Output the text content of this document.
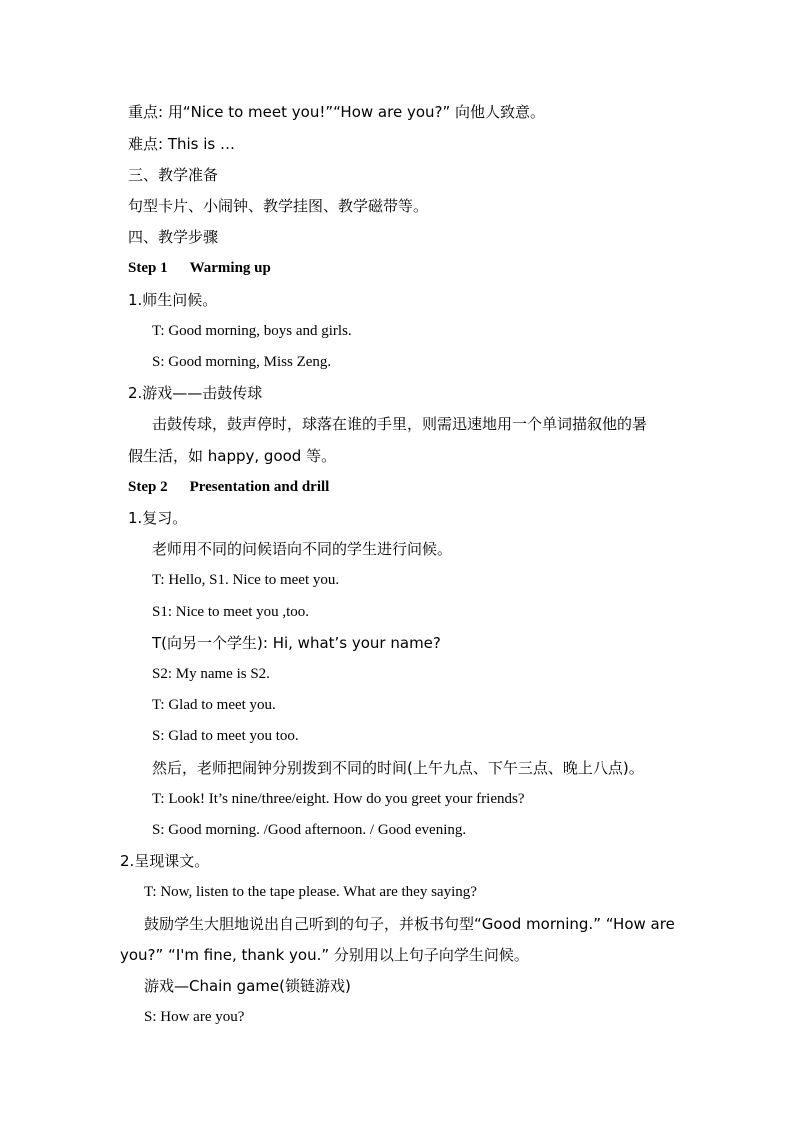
重点: 用“Nice to meet you!”“How are you?” 向他人致意。
难点: This is …
三、教学准备
句型卡片、小闹钟、教学挂图、教学磁带等。
四、教学步骤
Step 1 Warming up
1.师生问候。
T: Good morning, boys and girls.
S: Good morning, Miss Zeng.
2.游戏——击鼓传球
击鼓传球，鼓声停时，球落在谁的手里，则需迅速地用一个单词描叙他的暑
假生活，如 happy, good 等。
Step 2 Presentation and drill
1.复习。
老师用不同的问候语向不同的学生进行问候。
T: Hello, S1. Nice to meet you.
S1: Nice to meet you ,too.
T(向另一个学生): Hi, what’s your name?
S2: My name is S2.
T: Glad to meet you.
S: Glad to meet you too.
然后，老师把闹钟分别拨到不同的时间(上午九点、下午三点、晚上八点)。
T: Look! It’s nine/three/eight. How do you greet your friends?
S: Good morning. /Good afternoon. / Good evening.
2.呈现课文。
T: Now, listen to the tape please. What are they saying?
鼓励学生大胆地说出自己听到的句子，并板书句型“Good morning.” “How are
you?” “I'm fine, thank you.” 分别用以上句子向学生问候。
游戏—Chain game(锁链游戏)
S: How are you?
